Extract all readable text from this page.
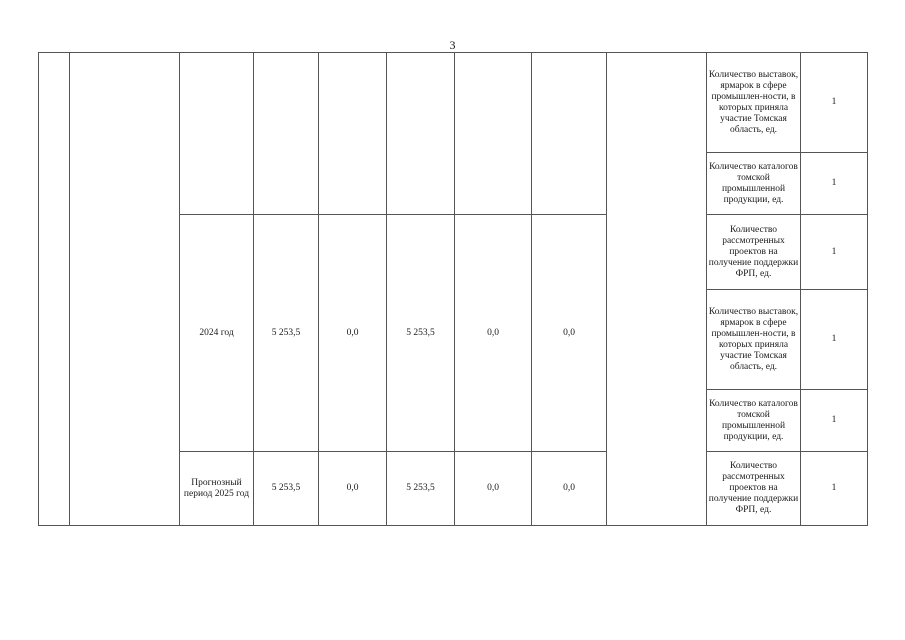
3
									Количество выставок, ярмарок в сфере промышлен-ности, в которых приняла участие Томская область, ед.	1
									Количество каталогов томской промышленной продукции, ед.	1
		2024 год	5 253,5	0,0	5 253,5	0,0	0,0		Количество рассмотренных проектов на получение поддержки ФРП, ед.	1
									Количество выставок, ярмарок в сфере промышлен-ности, в которых приняла участие Томская область, ед.	1
									Количество каталогов томской промышленной продукции, ед.	1
		Прогнозный период 2025 год	5 253,5	0,0	5 253,5	0,0	0,0		Количество рассмотренных проектов на получение поддержки ФРП, ед.	1
